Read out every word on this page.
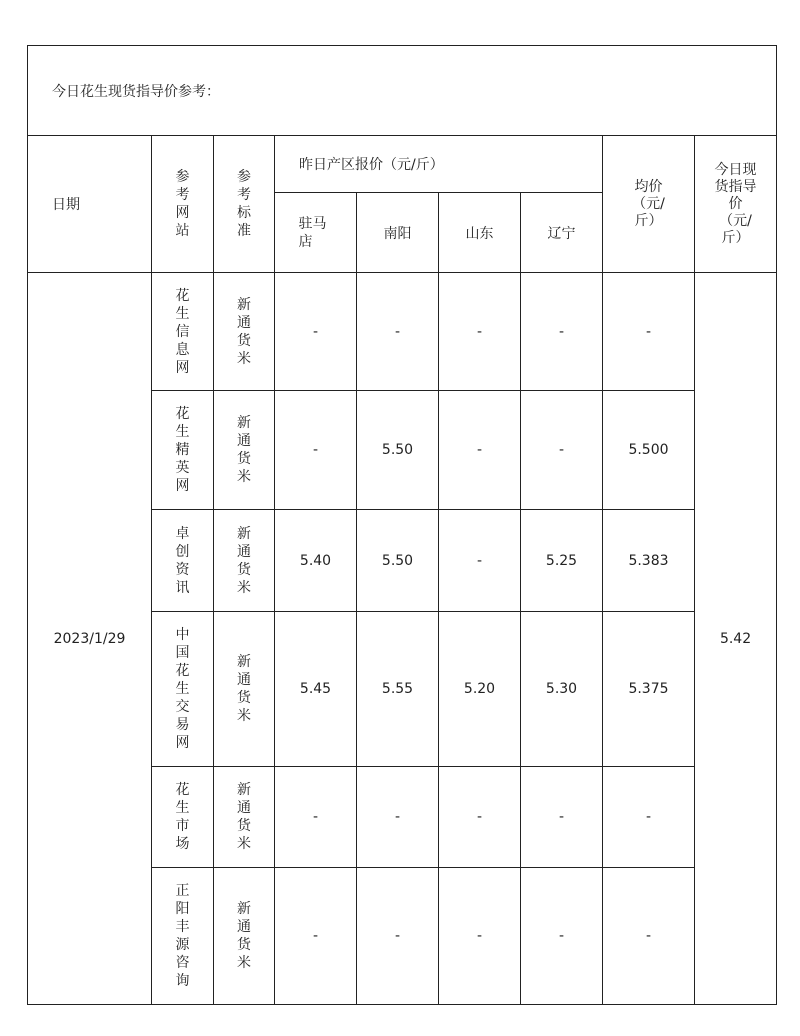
今日花生现货指导价参考：								
日期	参考网站	参考标准	昨日产区报价（元/斤）				均价（元/斤）	今日现货指导价（元/斤）
			驻马店	南阳	山东	辽宁		
2023/1/29	花生信息网	新通货米	-	-	-	-	-	5.42
	花生精英网	新通货米	-	5.50	-	-	5.500	
	卓创资讯	新通货米	5.40	5.50	-	5.25	5.383	
	中国花生交易网	新通货米	5.45	5.55	5.20	5.30	5.375	
	花生市场	新通货米	-	-	-	-	-	
	正阳丰源咨询	新通货米	-	-	-	-	-	
